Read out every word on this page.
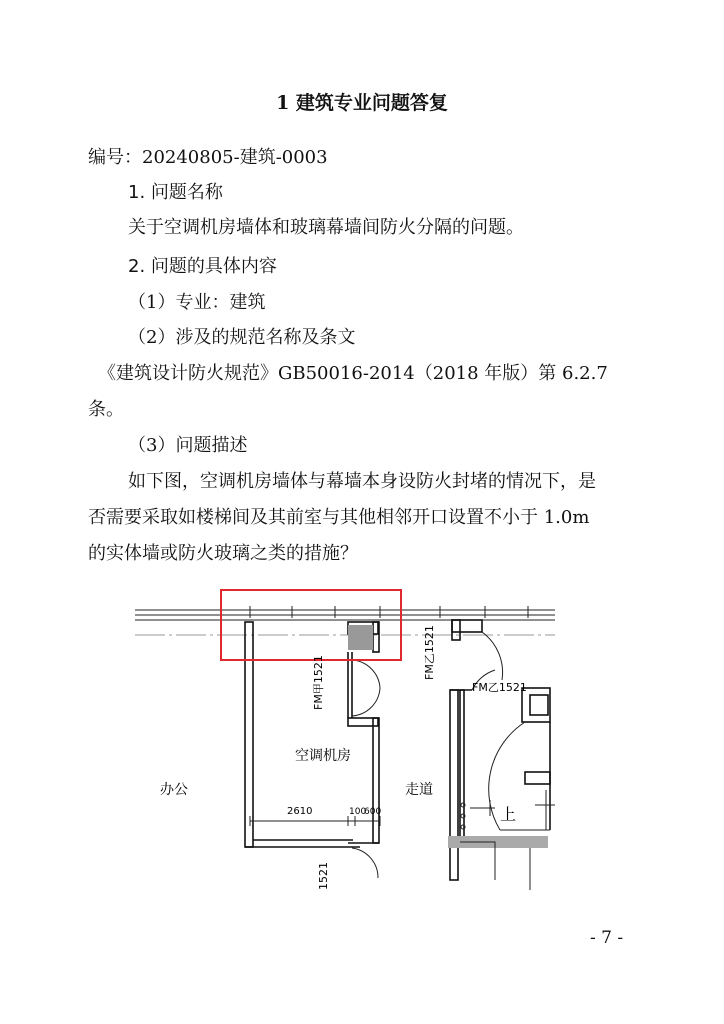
1 建筑专业问题答复
编号：20240805-建筑-0003
1. 问题名称
关于空调机房墙体和玻璃幕墙间防火分隔的问题。
2. 问题的具体内容
（1）专业：建筑
（2）涉及的规范名称及条文
《建筑设计防火规范》GB50016-2014（2018 年版）第 6.2.7
条。
（3）问题描述
如下图，空调机房墙体与幕墙本身设防火封堵的情况下，是
否需要采取如楼梯间及其前室与其他相邻开口设置不小于 1.0m
的实体墙或防火玻璃之类的措施？
办公
空调机房
走道
2610	100
600	上
FM甲1521
FM乙1521
FM乙1521
1521
- 7 -
